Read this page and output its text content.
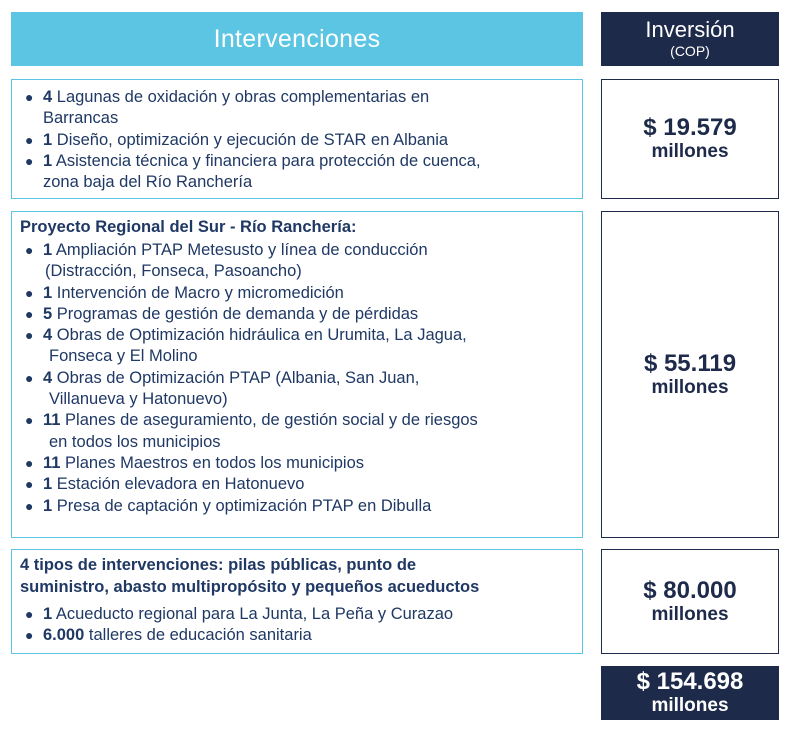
Intervenciones	Inversión
(COP)
● 4 Lagunas de oxidación y obras complementarias en
Barrancas
● 1 Diseño, optimización y ejecución de STAR en Albania
● 1 Asistencia técnica y financiera para protección de cuenca,
zona baja del Río Ranchería
$ 19.579
millones
Proyecto Regional del Sur - Río Ranchería:
● 1 Ampliación PTAP Metesusto y línea de conducción
(Distracción, Fonseca, Pasoancho)
● 1 Intervención de Macro y micromedición
● 5 Programas de gestión de demanda y de pérdidas
● 4 Obras de Optimización hidráulica en Urumita, La Jagua,
Fonseca y El Molino
● 4 Obras de Optimización PTAP (Albania, San Juan,
Villanueva y Hatonuevo)
● 11 Planes de aseguramiento, de gestión social y de riesgos
en todos los municipios
● 11 Planes Maestros en todos los municipios
● 1 Estación elevadora en Hatonuevo
● 1 Presa de captación y optimización PTAP en Dibulla
$ 55.119
millones
4 tipos de intervenciones: pilas públicas, punto de
suministro, abasto multipropósito y pequeños acueductos
● 1 Acueducto regional para La Junta, La Peña y Curazao
● 6.000 talleres de educación sanitaria
$ 80.000
millones
$ 154.698
millones
